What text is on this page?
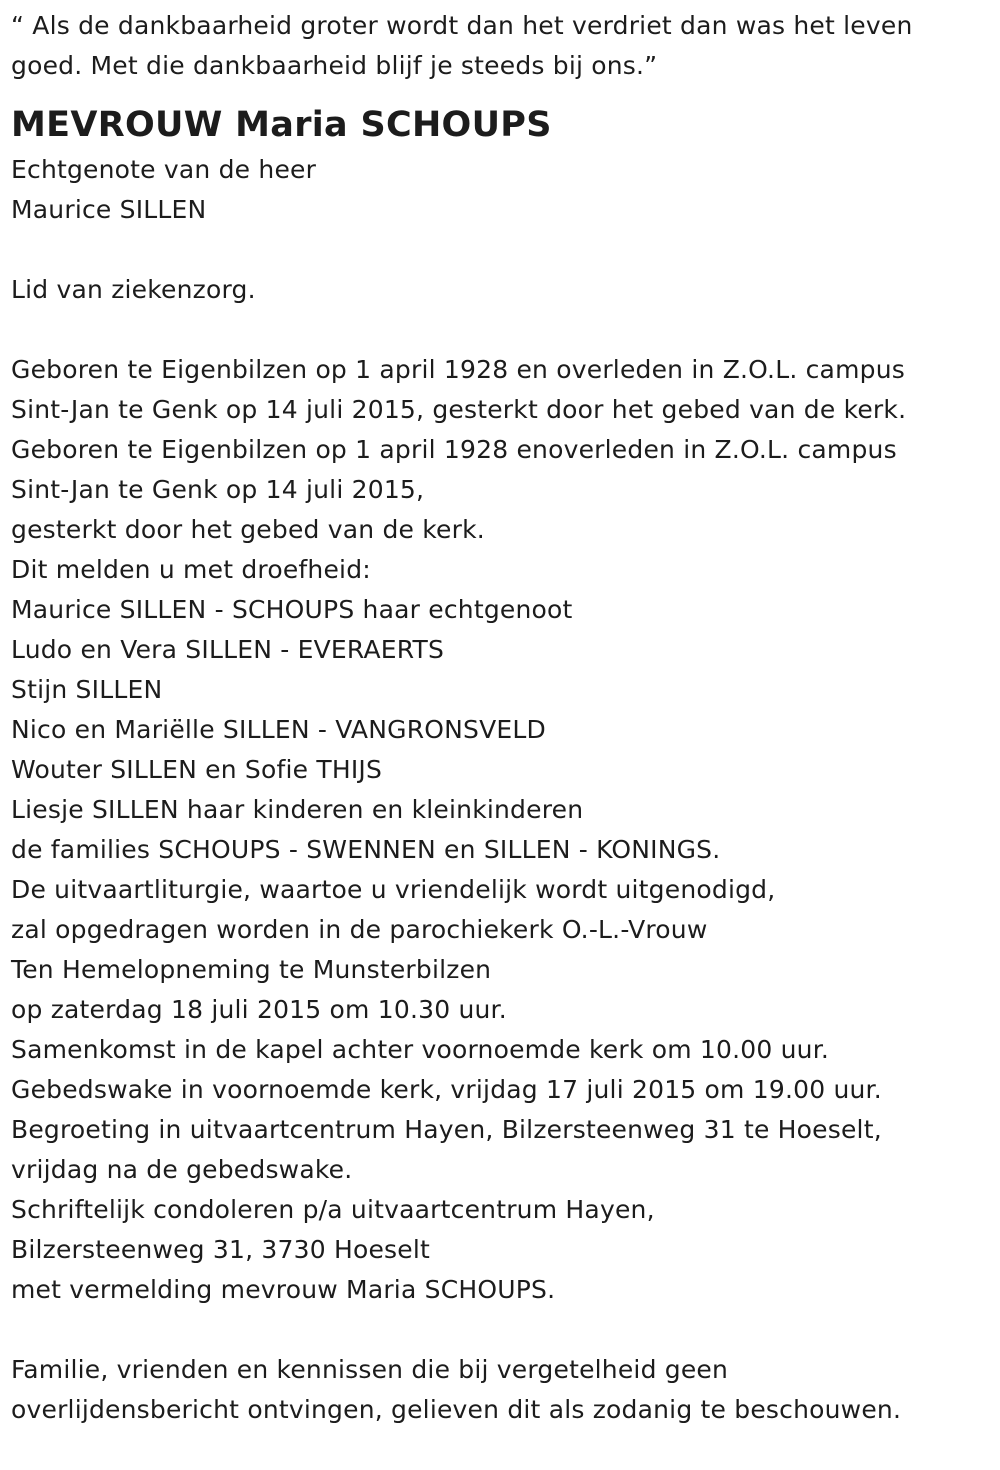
“ Als de dankbaarheid groter wordt dan het verdriet dan was het leven
goed. Met die dankbaarheid blijf je steeds bij ons.”
MEVROUW Maria SCHOUPS
Echtgenote van de heer
Maurice SILLEN
Lid van ziekenzorg.
Geboren te Eigenbilzen op 1 april 1928 en overleden in Z.O.L. campus
Sint-Jan te Genk op 14 juli 2015, gesterkt door het gebed van de kerk.
Geboren te Eigenbilzen op 1 april 1928 enoverleden in Z.O.L. campus
Sint-Jan te Genk op 14 juli 2015,
gesterkt door het gebed van de kerk.
Dit melden u met droefheid:
Maurice SILLEN - SCHOUPS haar echtgenoot
Ludo en Vera SILLEN - EVERAERTS
Stijn SILLEN
Nico en Mariëlle SILLEN - VANGRONSVELD
Wouter SILLEN en Sofie THIJS
Liesje SILLEN haar kinderen en kleinkinderen
de families SCHOUPS - SWENNEN en SILLEN - KONINGS.
De uitvaartliturgie, waartoe u vriendelijk wordt uitgenodigd,
zal opgedragen worden in de parochiekerk O.-L.-Vrouw
Ten Hemelopneming te Munsterbilzen
op zaterdag 18 juli 2015 om 10.30 uur.
Samenkomst in de kapel achter voornoemde kerk om 10.00 uur.
Gebedswake in voornoemde kerk, vrijdag 17 juli 2015 om 19.00 uur.
Begroeting in uitvaartcentrum Hayen, Bilzersteenweg 31 te Hoeselt,
vrijdag na de gebedswake.
Schriftelijk condoleren p/a uitvaartcentrum Hayen,
Bilzersteenweg 31, 3730 Hoeselt
met vermelding mevrouw Maria SCHOUPS.
Familie, vrienden en kennissen die bij vergetelheid geen
overlijdensbericht ontvingen, gelieven dit als zodanig te beschouwen.
